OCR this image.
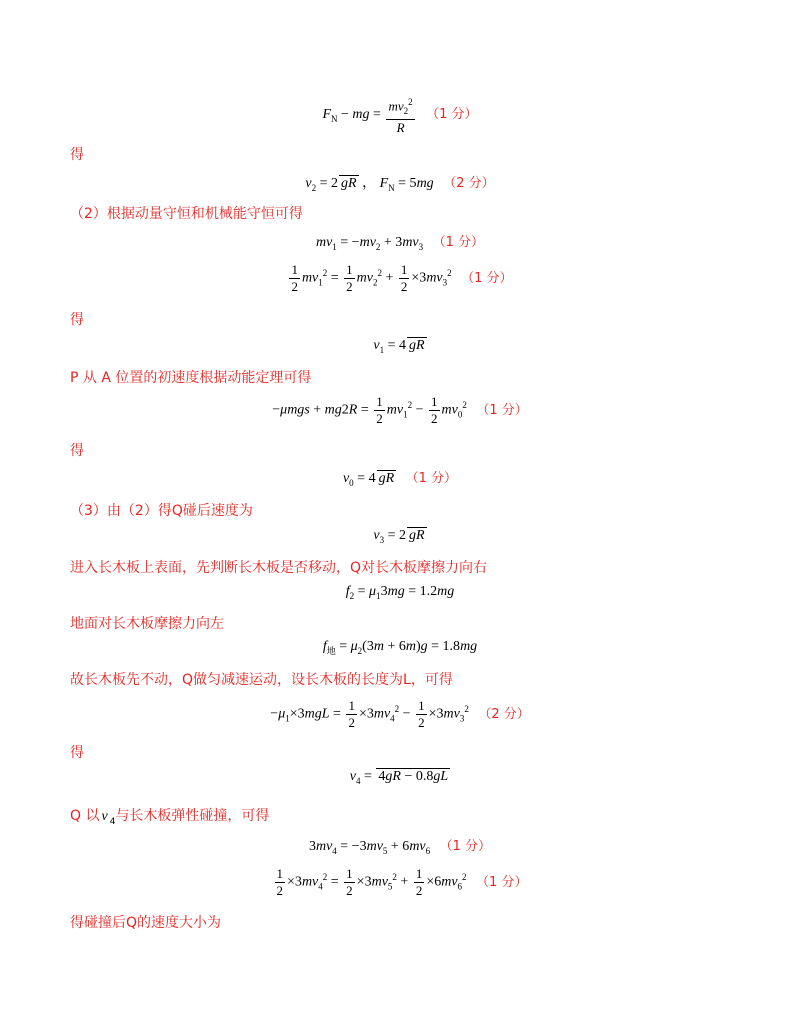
$F_N$ − mg = $\frac{mv_2^2}{R} (1$ 分）
得
$v_2 = 2$ gR ， $F_N = 5mg$ （2 分）
（2）根据动量守恒和机械能守恒可得
$mv_1 = -mv_2 + 3mv_3$ （1 分）
$\frac{1}{2} mv_1^2 = \frac{1}{2} mv_2^2 + \frac{1}{2} \times 3mv_3^2$ （1 分）
得
$v_1 = 4$ gR
P 从 A 位置的初速度根据动能定理可得
$-\mu mgs + mg2R = \frac{1}{2} mv_1^2 - \frac{1}{2} mv_0^2$ （1 分）
得
$v_0 = 4$ gR （1 分）
（3）由（2）得Q碰后速度为
$v_3 = 2$ gR
进入长木板上表面，先判断长木板是否移动，Q对长木板摩擦力向右
$f_2 = \mu_13mg = 1.2mg$
地面对长木板摩擦力向左
$f_地 = \mu_2(3m + 6m)g = 1.8mg$
故长木板先不动，Q做匀减速运动，设长木板的长度为L，可得
$-\mu_1\times 3mgL = \frac{1}{2} \times 3mv_4^2 - \frac{1}{2} \times 3mv_3^2$ （2 分）
得
$v_4 = 4gR - 0.8gL$
Q 以 v $_4$与长木板弹性碰撞，可得
$3mv_4 = -3mv_5 + 6mv_6$ （1 分）
$\frac{1}{2} \times 3mv_4^2 = \frac{1}{2} \times 3mv_5^2 + \frac{1}{2} \times 6mv_6^2$ （1 分）
得碰撞后Q的速度大小为
